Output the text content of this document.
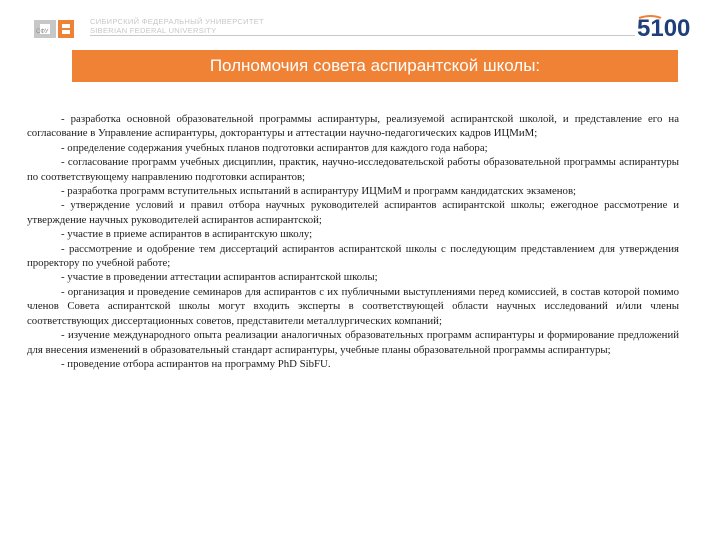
СФУ
СИБИРСКИЙ ФЕДЕРАЛЬНЫЙ УНИВЕРСИТЕТ
SIBERIAN FEDERAL UNIVERSITY	5100
Полномочия совета аспирантской школы:

- разработка основной образовательной программы аспирантуры, реализуемой аспирантской школой, и представление его на согласование в Управление аспирантуры, докторантуры и аттестации научно-педагогических кадров ИЦМиМ;

- определение содержания учебных планов подготовки аспирантов для каждого года набора;

- согласование программ учебных дисциплин, практик, научно-исследовательской работы образовательной программы аспирантуры по соответствующему направлению подготовки аспирантов;

- разработка программ вступительных испытаний в аспирантуру ИЦМиМ и программ кандидатских экзаменов;

- утверждение условий и правил отбора научных руководителей аспирантов аспирантской школы; ежегодное рассмотрение и утверждение научных руководителей аспирантов аспирантской;

- участие в приеме аспирантов в аспирантскую школу;

- рассмотрение и одобрение тем диссертаций аспирантов аспирантской школы с последующим представлением для утверждения проректору по учебной работе;

- участие в проведении аттестации аспирантов аспирантской школы;

- организация и проведение семинаров для аспирантов с их публичными выступлениями перед комиссией, в состав которой помимо членов Совета аспирантской школы могут входить эксперты в соответствующей области научных исследований и/или члены соответствующих диссертационных советов, представители металлургических компаний;

- изучение международного опыта реализации аналогичных образовательных программ аспирантуры и формирование предложений для внесения изменений в образовательный стандарт аспирантуры, учебные планы образовательной программы аспирантуры;

- проведение отбора аспирантов на программу PhD SibFU.
